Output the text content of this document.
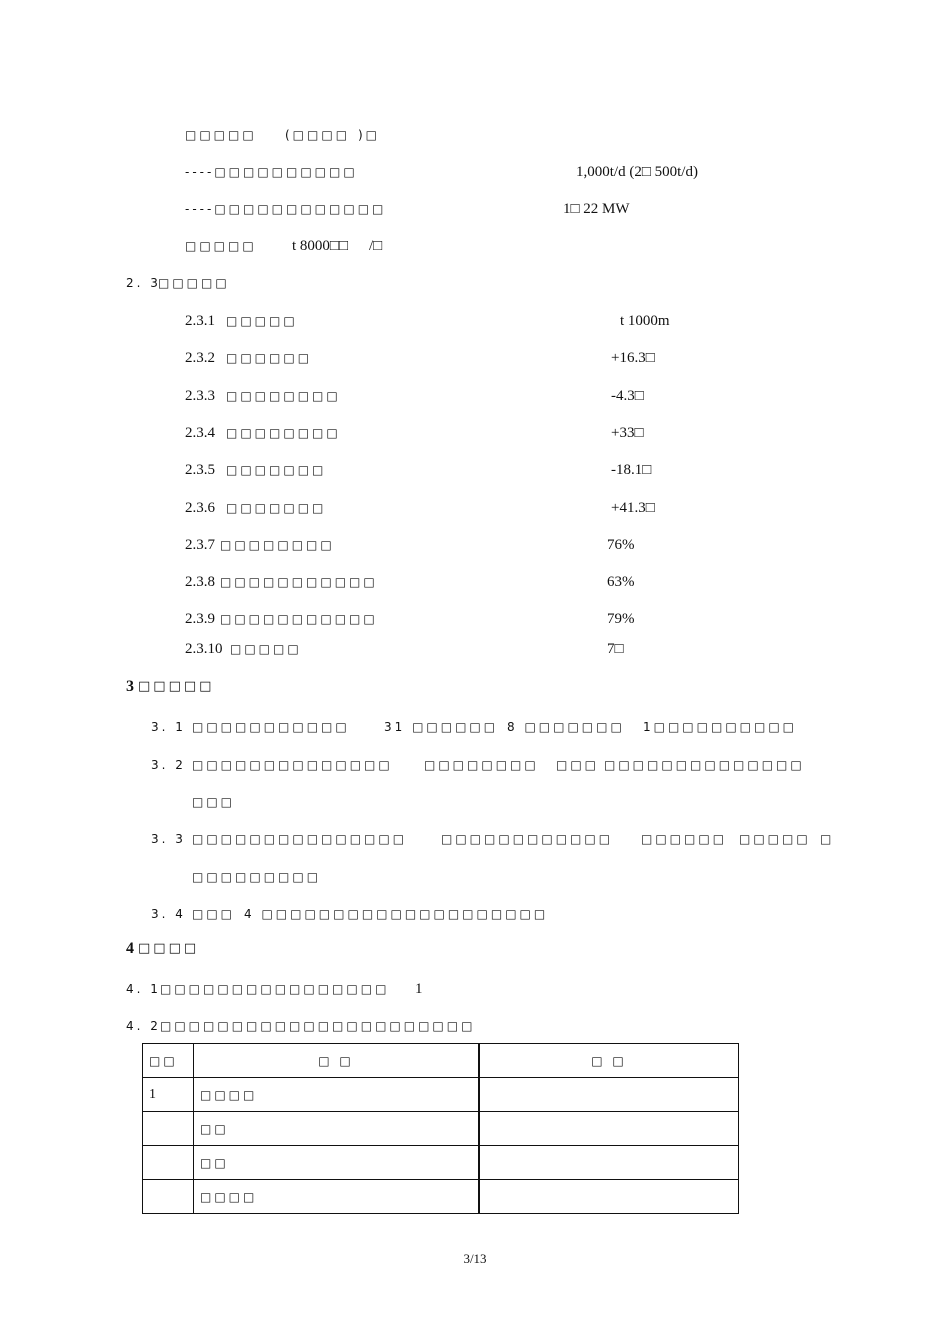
□□□□□ (□□□□ )□
----□□□□□□□□□□	1,000t/d (2□ 500t/d)
----□□□□□□□□□□□□	1□ 22 MW
□□□□□ t 8000□□ /□
2. 3
□□□□□
2.3.1 □□□□□	t 1000m
2.3.2 □□□□□□	+16.3□
2.3.3 □□□□□□□□	-4.3□
2.3.4 □□□□□□□□	+33□
2.3.5 □□□□□□□	-18.1□
2.3.6 □□□□□□□	+41.3□
2.3.7 □□□□□□□□	76%
2.3.8 □□□□□□□□□□□	63%
2.3.9 □□□□□□□□□□□	79%
2.3.10 □□□□□	7□
3 □□□□□
3. 1 □□□□□□□□□□□	31 □□□□□□ 8 □□□□□□□ 1□□□□□□□□□□
3. 2 □□□□□□□□□□□□□□	□□□□□□□□ □□□ □□□□□□□□□□□□□□
□□□
3. 3 □□□□□□□□□□□□□□□	□□□□□□□□□□□□ □□□□□□ □□□□□ □
□□□□□□□□□
3. 4 □□□ 4 □□□□□□□□□□□□□□□□□□□□
4 □□□□
4. 1 □□□□□□□□□□□□□□□□ 1
4. 2 □□□□□□□□□□□□□□□□□□□□□□
□□	□ □	□ □
1	□□□□	
	□□	
	□□	
	□□□□	
3/13
